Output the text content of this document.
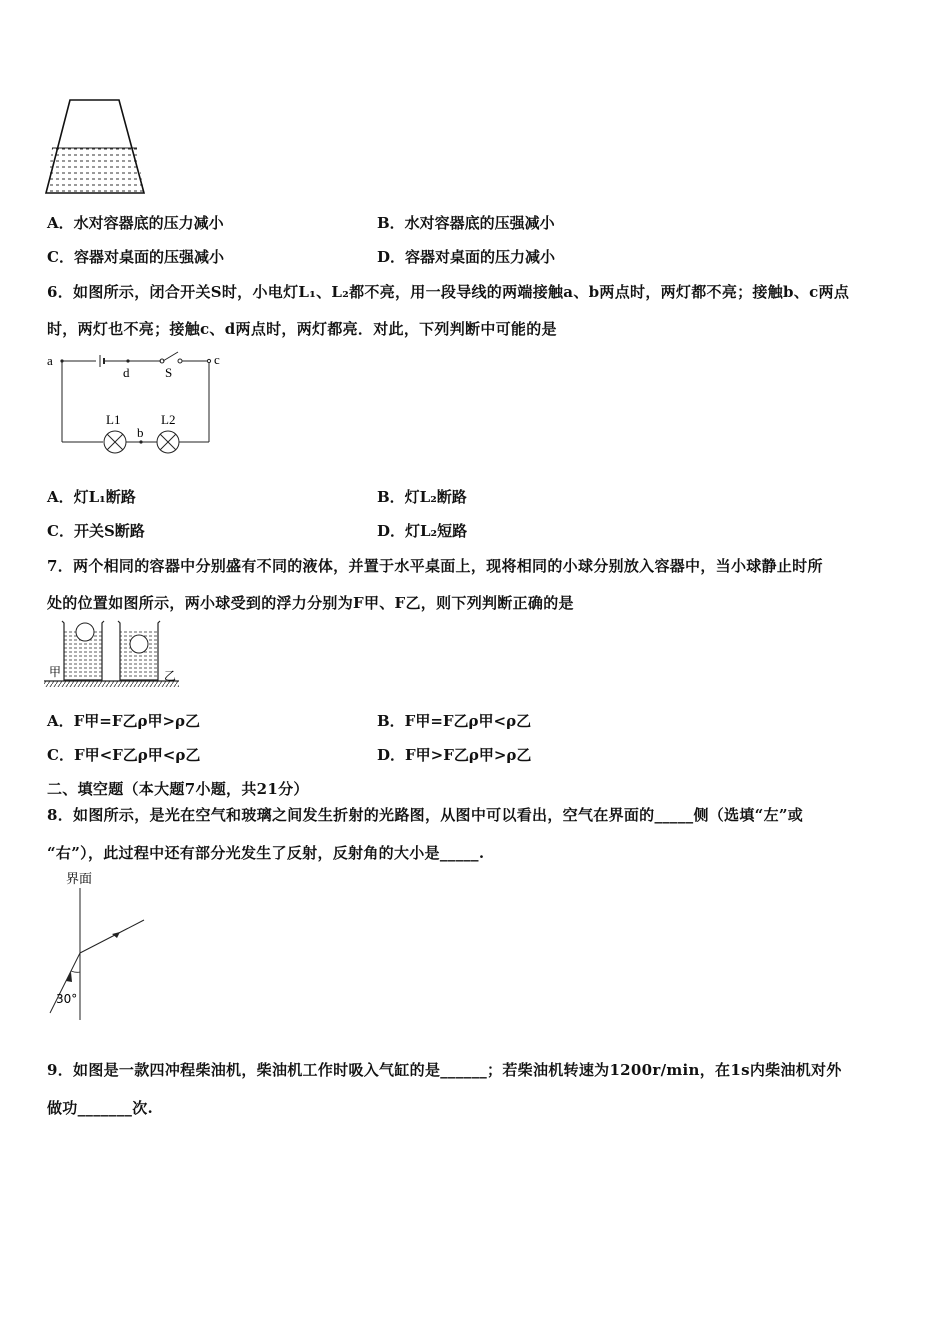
A．水对容器底的压力减小	B．水对容器底的压强减小
C．容器对桌面的压强减小	D．容器对桌面的压力减小
6．如图所示，闭合开关S时，小电灯L₁、L₂都不亮，用一段导线的两端接触a、b两点时，两灯都不亮；接触b、c两点
时，两灯也不亮；接触c、d两点时，两灯都亮．对此，下列判断中可能的是
a	c
d	S
L1	L2
b
A．灯L₁断路	B．灯L₂断路
C．开关S断路	D．灯L₂短路
7．两个相同的容器中分别盛有不同的液体，并置于水平桌面上，现将相同的小球分别放入容器中，当小球静止时所
处的位置如图所示，两小球受到的浮力分别为F甲、F乙，则下列判断正确的是
甲	乙
A．F甲=F乙ρ甲>ρ乙	B．F甲=F乙ρ甲<ρ乙
C．F甲<F乙ρ甲<ρ乙	D．F甲>F乙ρ甲>ρ乙
二、填空题（本大题7小题，共21分）
8．如图所示，是光在空气和玻璃之间发生折射的光路图，从图中可以看出，空气在界面的_____侧（选填“左”或
“右”），此过程中还有部分光发生了反射，反射角的大小是_____.
界面
30°
9．如图是一款四冲程柴油机，柴油机工作时吸入气缸的是______；若柴油机转速为1200r/min，在1s内柴油机对外
做功_______次.
